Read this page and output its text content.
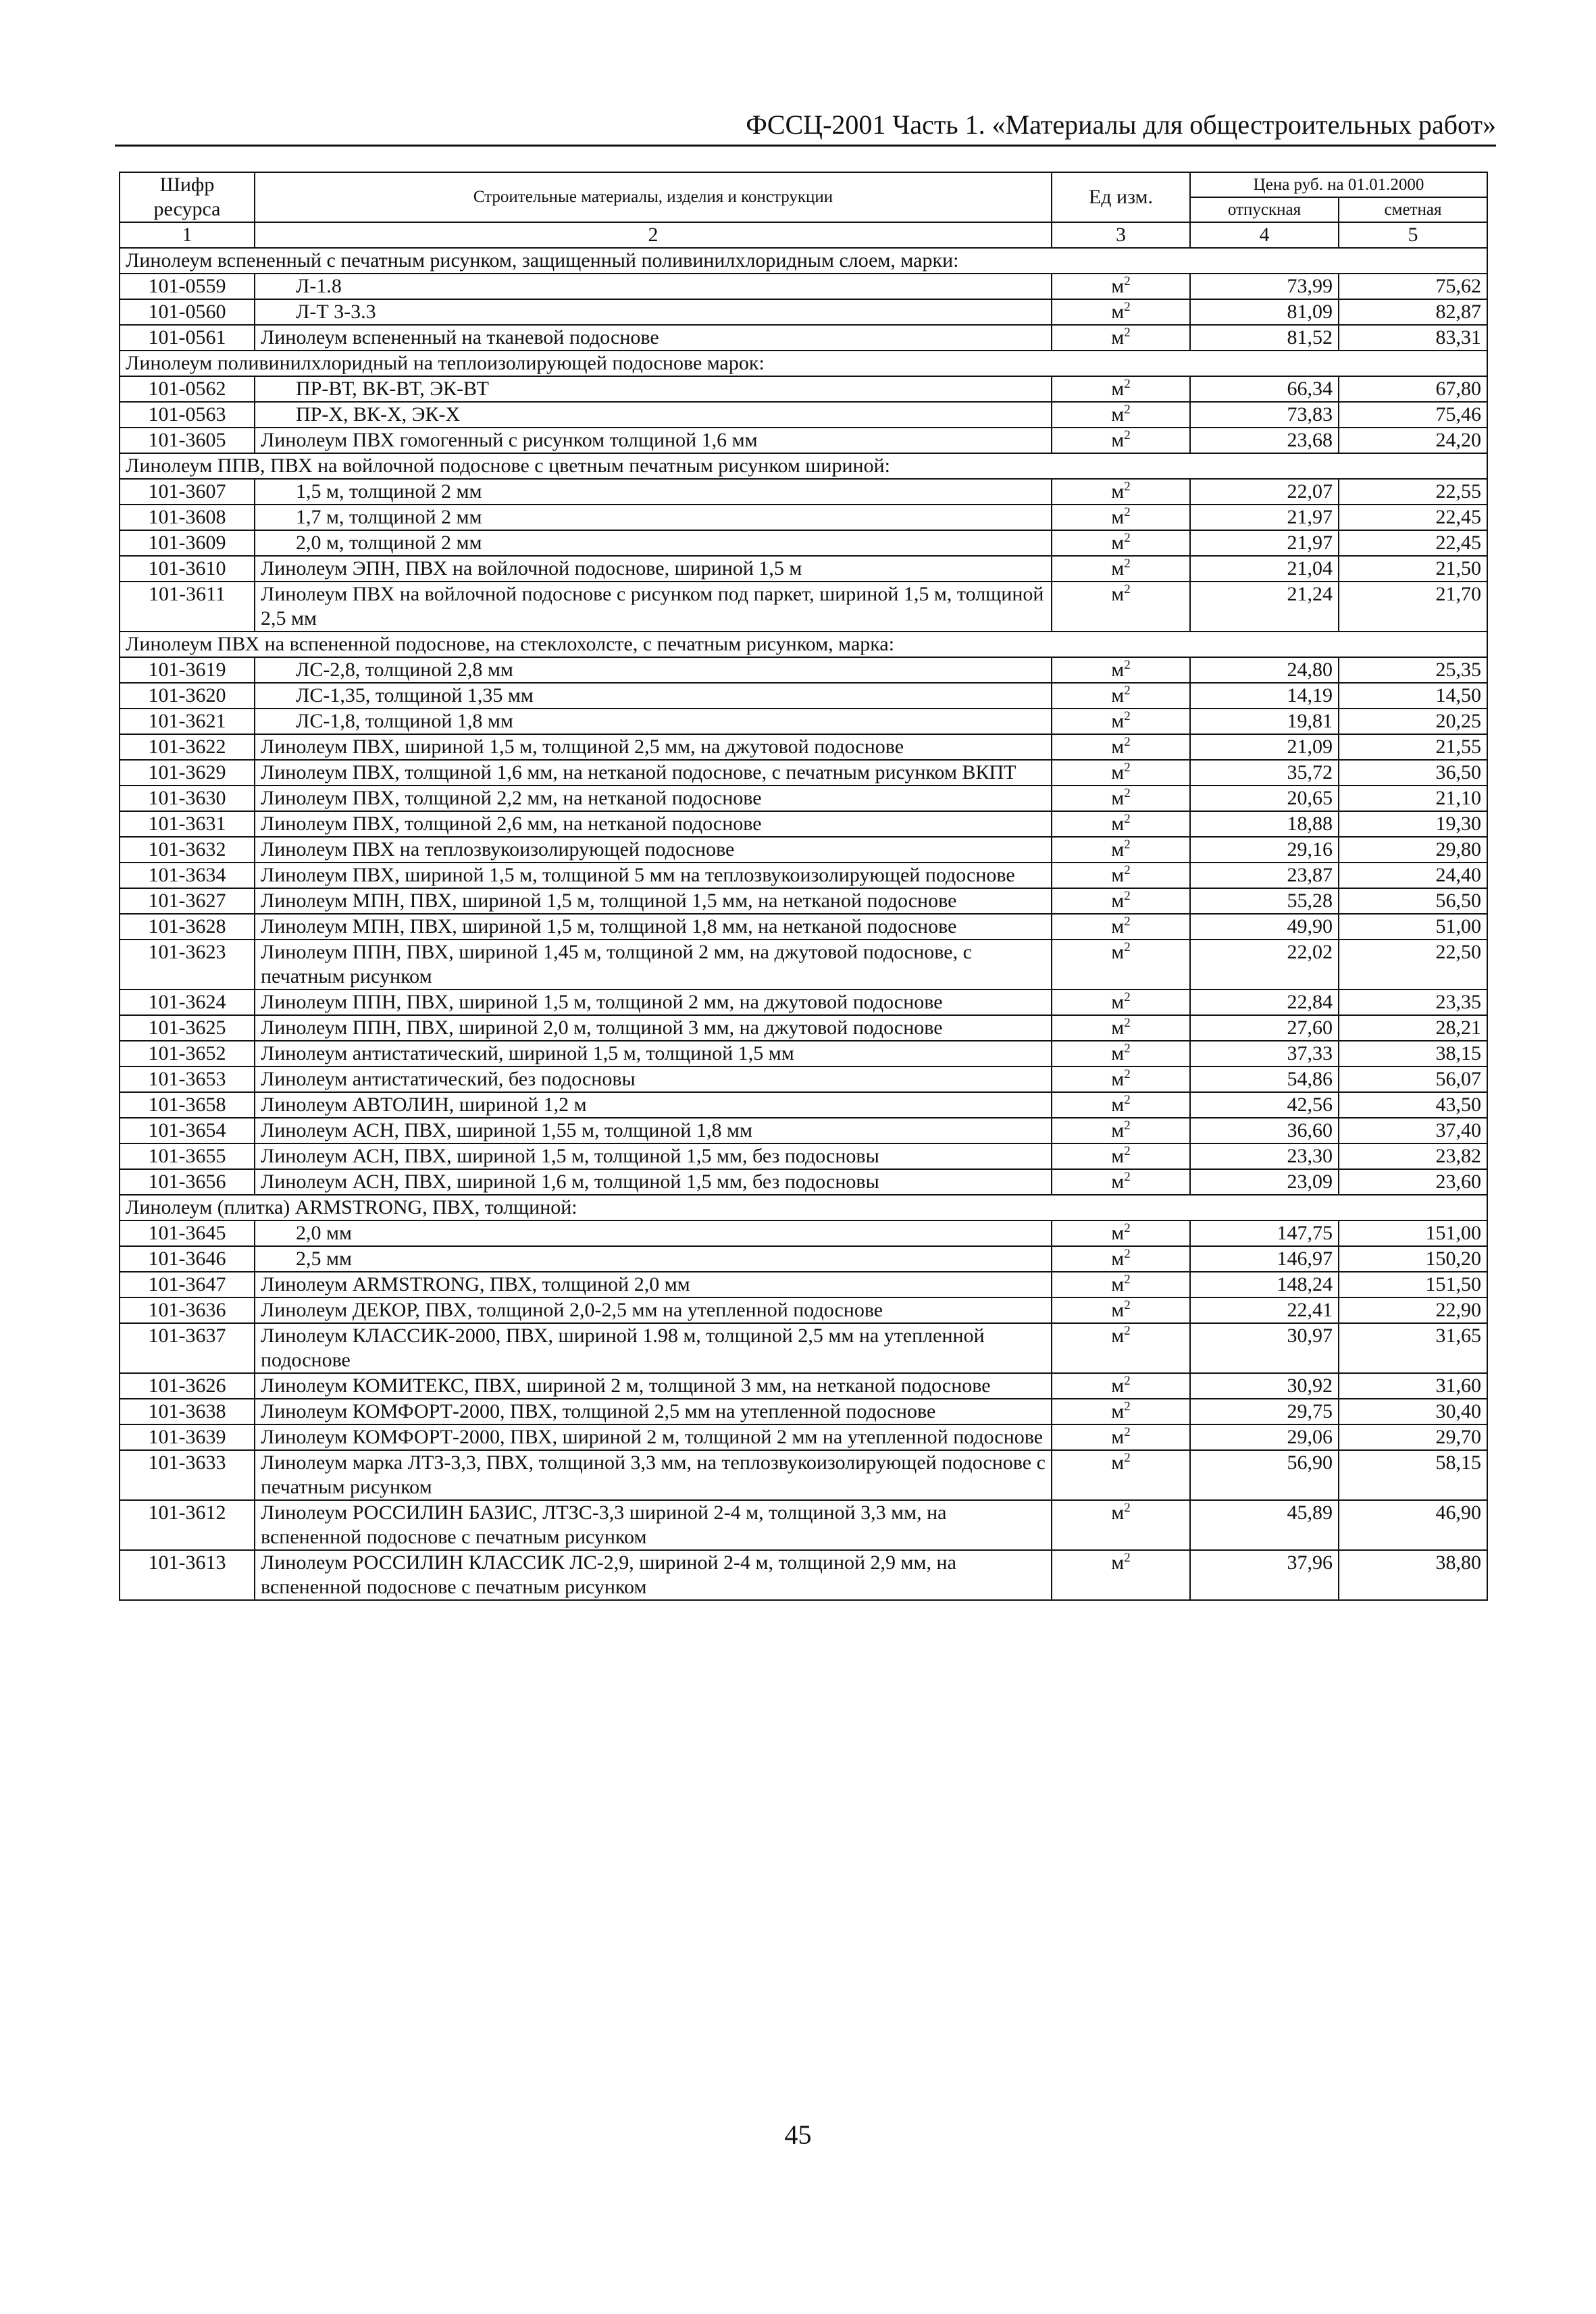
ФССЦ-2001 Часть 1. «Материалы для общестроительных работ»
Шифр ресурса	Строительные материалы, изделия и конструкции	Ед изм.	Цена руб. на 01.01.2000	
			отпускная	сметная
1	2	3	4	5
Линолеум вспененный с печатным рисунком, защищенный поливинилхлоридным слоем, марки:				
101-0559	Л-1.8	$м^2$	73,99	75,62
101-0560	Л-Т 3-3.3	$м^2$	81,09	82,87
101-0561	Линолеум вспененный на тканевой подоснове	$м^2$	81,52	83,31
Линолеум поливинилхлоридный на теплоизолирующей подоснове марок:				
101-0562	ПР-ВТ, ВК-ВТ, ЭК-ВТ	$м^2$	66,34	67,80
101-0563	ПР-Х, ВК-Х, ЭК-Х	$м^2$	73,83	75,46
101-3605	Линолеум ПВХ гомогенный с рисунком толщиной 1,6 мм	$м^2$	23,68	24,20
Линолеум ППВ, ПВХ на войлочной подоснове с цветным печатным рисунком шириной:				
101-3607	1,5 м, толщиной 2 мм	$м^2$	22,07	22,55
101-3608	1,7 м, толщиной 2 мм	$м^2$	21,97	22,45
101-3609	2,0 м, толщиной 2 мм	$м^2$	21,97	22,45
101-3610	Линолеум ЭПН, ПВХ на войлочной подоснове, шириной 1,5 м	$м^2$	21,04	21,50
101-3611	Линолеум ПВХ на войлочной подоснове с рисунком под паркет, шириной 1,5 м, толщиной 2,5 мм	$м^2$	21,24	21,70
Линолеум ПВХ на вспененной подоснове, на стеклохолсте, с печатным рисунком, марка:				
101-3619	ЛС-2,8, толщиной 2,8 мм	$м^2$	24,80	25,35
101-3620	ЛС-1,35, толщиной 1,35 мм	$м^2$	14,19	14,50
101-3621	ЛС-1,8, толщиной 1,8 мм	$м^2$	19,81	20,25
101-3622	Линолеум ПВХ, шириной 1,5 м, толщиной 2,5 мм, на джутовой подоснове	$м^2$	21,09	21,55
101-3629	Линолеум ПВХ, толщиной 1,6 мм, на нетканой подоснове, с печатным рисунком ВКПТ	$м^2$	35,72	36,50
101-3630	Линолеум ПВХ, толщиной 2,2 мм, на нетканой подоснове	$м^2$	20,65	21,10
101-3631	Линолеум ПВХ, толщиной 2,6 мм, на нетканой подоснове	$м^2$	18,88	19,30
101-3632	Линолеум ПВХ на теплозвукоизолирующей подоснове	$м^2$	29,16	29,80
101-3634	Линолеум ПВХ, шириной 1,5 м, толщиной 5 мм на теплозвукоизолирующей подоснове	$м^2$	23,87	24,40
101-3627	Линолеум МПН, ПВХ, шириной 1,5 м, толщиной 1,5 мм, на нетканой подоснове	$м^2$	55,28	56,50
101-3628	Линолеум МПН, ПВХ, шириной 1,5 м, толщиной 1,8 мм, на нетканой подоснове	$м^2$	49,90	51,00
101-3623	Линолеум ППН, ПВХ, шириной 1,45 м, толщиной 2 мм, на джутовой подоснове, с печатным рисунком	$м^2$	22,02	22,50
101-3624	Линолеум ППН, ПВХ, шириной 1,5 м, толщиной 2 мм, на джутовой подоснове	$м^2$	22,84	23,35
101-3625	Линолеум ППН, ПВХ, шириной 2,0 м, толщиной 3 мм, на джутовой подоснове	$м^2$	27,60	28,21
101-3652	Линолеум антистатический, шириной 1,5 м, толщиной 1,5 мм	$м^2$	37,33	38,15
101-3653	Линолеум антистатический, без подосновы	$м^2$	54,86	56,07
101-3658	Линолеум АВТОЛИН, шириной 1,2 м	$м^2$	42,56	43,50
101-3654	Линолеум АСН, ПВХ, шириной 1,55 м, толщиной 1,8 мм	$м^2$	36,60	37,40
101-3655	Линолеум АСН, ПВХ, шириной 1,5 м, толщиной 1,5 мм, без подосновы	$м^2$	23,30	23,82
101-3656	Линолеум АСН, ПВХ, шириной 1,6 м, толщиной 1,5 мм, без подосновы	$м^2$	23,09	23,60
Линолеум (плитка) ARMSTRONG, ПВХ, толщиной:				
101-3645	2,0 мм	$м^2$	147,75	151,00
101-3646	2,5 мм	$м^2$	146,97	150,20
101-3647	Линолеум ARMSTRONG, ПВХ, толщиной 2,0 мм	$м^2$	148,24	151,50
101-3636	Линолеум ДЕКОР, ПВХ, толщиной 2,0-2,5 мм на утепленной подоснове	$м^2$	22,41	22,90
101-3637	Линолеум КЛАССИК-2000, ПВХ, шириной 1.98 м, толщиной 2,5 мм на утепленной подоснове	$м^2$	30,97	31,65
101-3626	Линолеум КОМИТЕКС, ПВХ, шириной 2 м, толщиной 3 мм, на нетканой подоснове	$м^2$	30,92	31,60
101-3638	Линолеум КОМФОРТ-2000, ПВХ, толщиной 2,5 мм на утепленной подоснове	$м^2$	29,75	30,40
101-3639	Линолеум КОМФОРТ-2000, ПВХ, шириной 2 м, толщиной 2 мм на утепленной подоснове	$м^2$	29,06	29,70
101-3633	Линолеум марка ЛТЗ-3,3, ПВХ, толщиной 3,3 мм, на теплозвукоизолирующей подоснове с печатным рисунком	$м^2$	56,90	58,15
101-3612	Линолеум РОССИЛИН БАЗИС, ЛТЗС-3,3 шириной 2-4 м, толщиной 3,3 мм, на вспененной подоснове с печатным рисунком	$м^2$	45,89	46,90
101-3613	Линолеум РОССИЛИН КЛАССИК ЛС-2,9, шириной 2-4 м, толщиной 2,9 мм, на вспененной подоснове с печатным рисунком	$м^2$	37,96	38,80
45
